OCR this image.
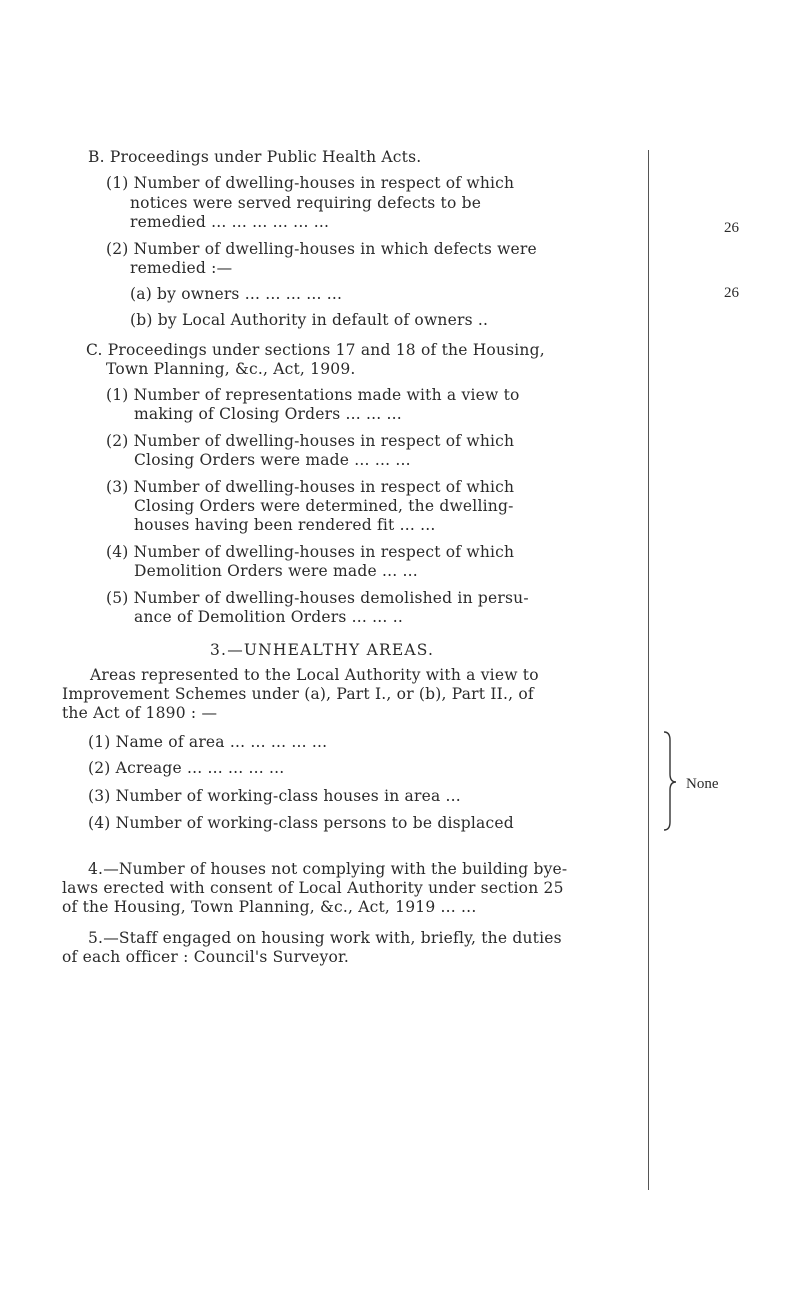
B. Proceedings under Public Health Acts.
(1) Number of dwelling-houses in respect of which
notices were served requiring defects to be
remedied ... ... ... ... ... ...	26
(2) Number of dwelling-houses in which defects were
remedied :—
(a) by owners ... ... ... ... ...	26
(b) by Local Authority in default of owners ..
C. Proceedings under sections 17 and 18 of the Housing,
Town Planning, &c., Act, 1909.
(1) Number of representations made with a view to
making of Closing Orders ... ... ...
(2) Number of dwelling-houses in respect of which
Closing Orders were made ... ... ...
(3) Number of dwelling-houses in respect of which
Closing Orders were determined, the dwelling-
houses having been rendered fit ... ...
(4) Number of dwelling-houses in respect of which
Demolition Orders were made ... ...
(5) Number of dwelling-houses demolished in persu-
ance of Demolition Orders ... ... ..
3.—UNHEALTHY AREAS.
Areas represented to the Local Authority with a view to
Improvement Schemes under (a), Part I., or (b), Part II., of
the Act of 1890 : —
(1) Name of area ... ... ... ... ...
(2) Acreage ... ... ... ... ...
(3) Number of working-class houses in area ...
(4) Number of working-class persons to be displaced
None
4.—Number of houses not complying with the building bye-
laws erected with consent of Local Authority under section 25
of the Housing, Town Planning, &c., Act, 1919 ... ...
5.—Staff engaged on housing work with, briefly, the duties
of each officer : Council's Surveyor.
